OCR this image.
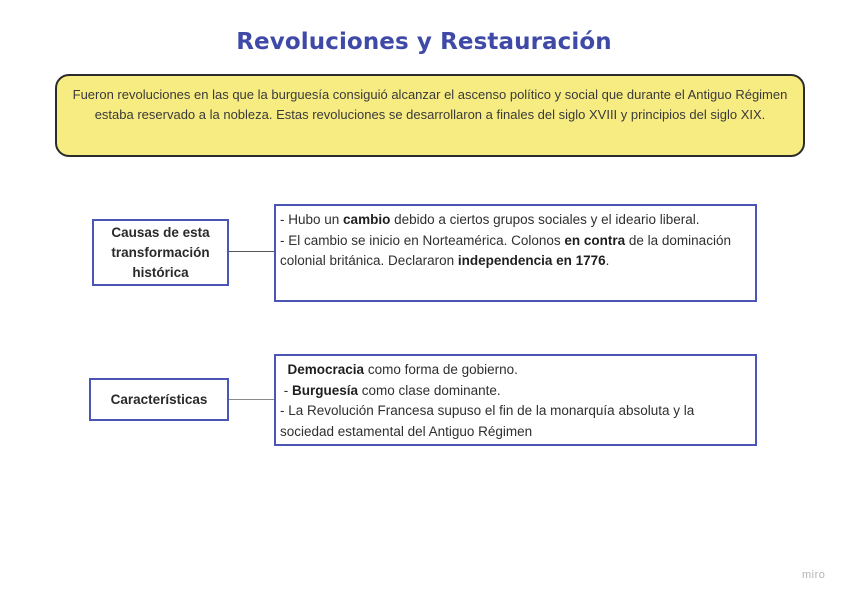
Revoluciones y Restauración
Fueron revoluciones en las que la burguesía consiguió alcanzar el ascenso político y social que durante el Antiguo Régimen estaba reservado a la nobleza. Estas revoluciones se desarrollaron a finales del siglo XVIII y principios del siglo XIX.
Causas de esta transformación histórica

- Hubo un cambio debido a ciertos grupos sociales y el ideario liberal.

- El cambio se inicio en Norteamérica. Colonos en contra de la dominación colonial británica. Declararon independencia en 1776.

Características

Democracia como forma de gobierno.

- Burguesía como clase dominante.

- La Revolución Francesa supuso el fin de la monarquía absoluta y la sociedad estamental del Antiguo Régimen

miro
